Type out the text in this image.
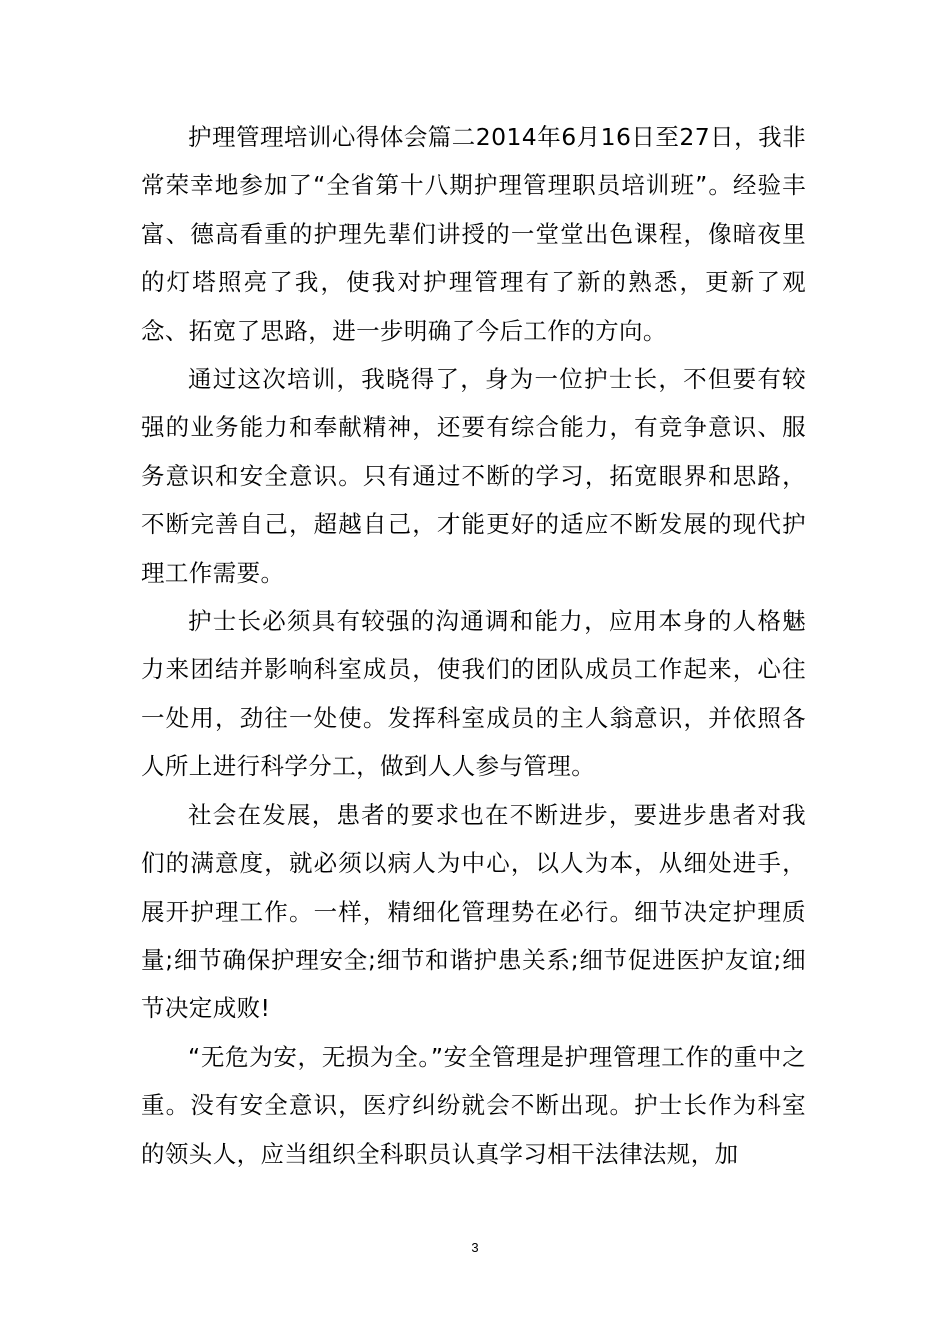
护理管理培训心得体会篇二2014年6月16日至27日，我非常荣幸地参加了“全省第十八期护理管理职员培训班”。经验丰富、德高看重的护理先辈们讲授的一堂堂出色课程，像暗夜里的灯塔照亮了我，使我对护理管理有了新的熟悉，更新了观念、拓宽了思路，进一步明确了今后工作的方向。

通过这次培训，我晓得了，身为一位护士长，不但要有较强的业务能力和奉献精神，还要有综合能力，有竞争意识、服务意识和安全意识。只有通过不断的学习，拓宽眼界和思路，不断完善自己，超越自己，才能更好的适应不断发展的现代护理工作需要。

护士长必须具有较强的沟通调和能力，应用本身的人格魅力来团结并影响科室成员，使我们的团队成员工作起来，心往一处用，劲往一处使。发挥科室成员的主人翁意识，并依照各人所上进行科学分工，做到人人参与管理。

社会在发展，患者的要求也在不断进步，要进步患者对我们的满意度，就必须以病人为中心，以人为本，从细处进手，展开护理工作。一样，精细化管理势在必行。细节决定护理质量;细节确保护理安全;细节和谐护患关系;细节促进医护友谊;细节决定成败!

“无危为安，无损为全。”安全管理是护理管理工作的重中之重。没有安全意识，医疗纠纷就会不断出现。护士长作为科室的领头人，应当组织全科职员认真学习相干法律法规，加

3
